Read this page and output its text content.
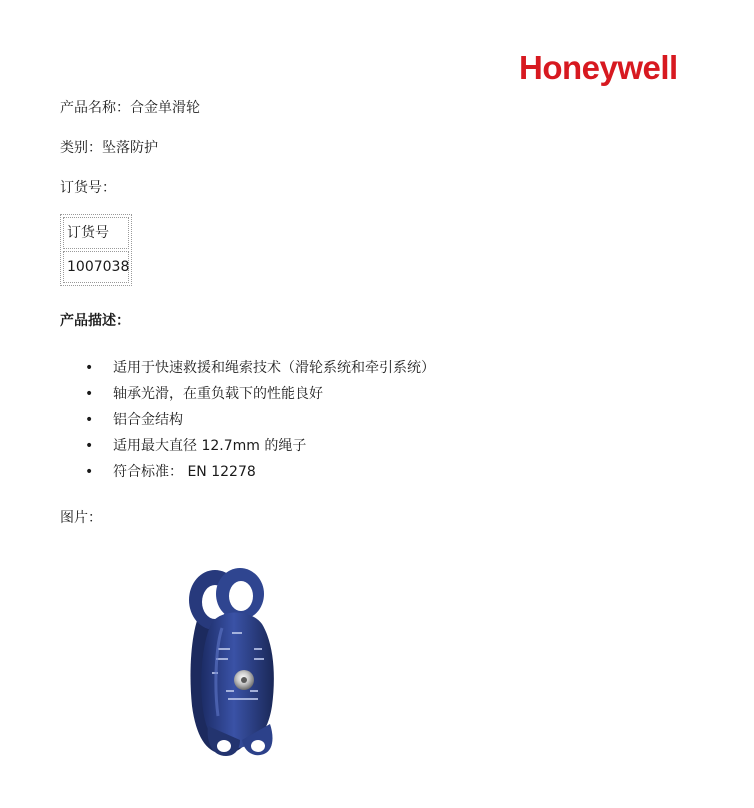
Honeywell
产品名称：合金单滑轮
类别：坠落防护
订货号：
订货号
1007038
产品描述：
• 适用于快速救援和绳索技术（滑轮系统和牵引系统）
• 轴承光滑，在重负载下的性能良好
• 铝合金结构
• 适用最大直径 12.7mm 的绳子
• 符合标准： EN 12278
图片：
